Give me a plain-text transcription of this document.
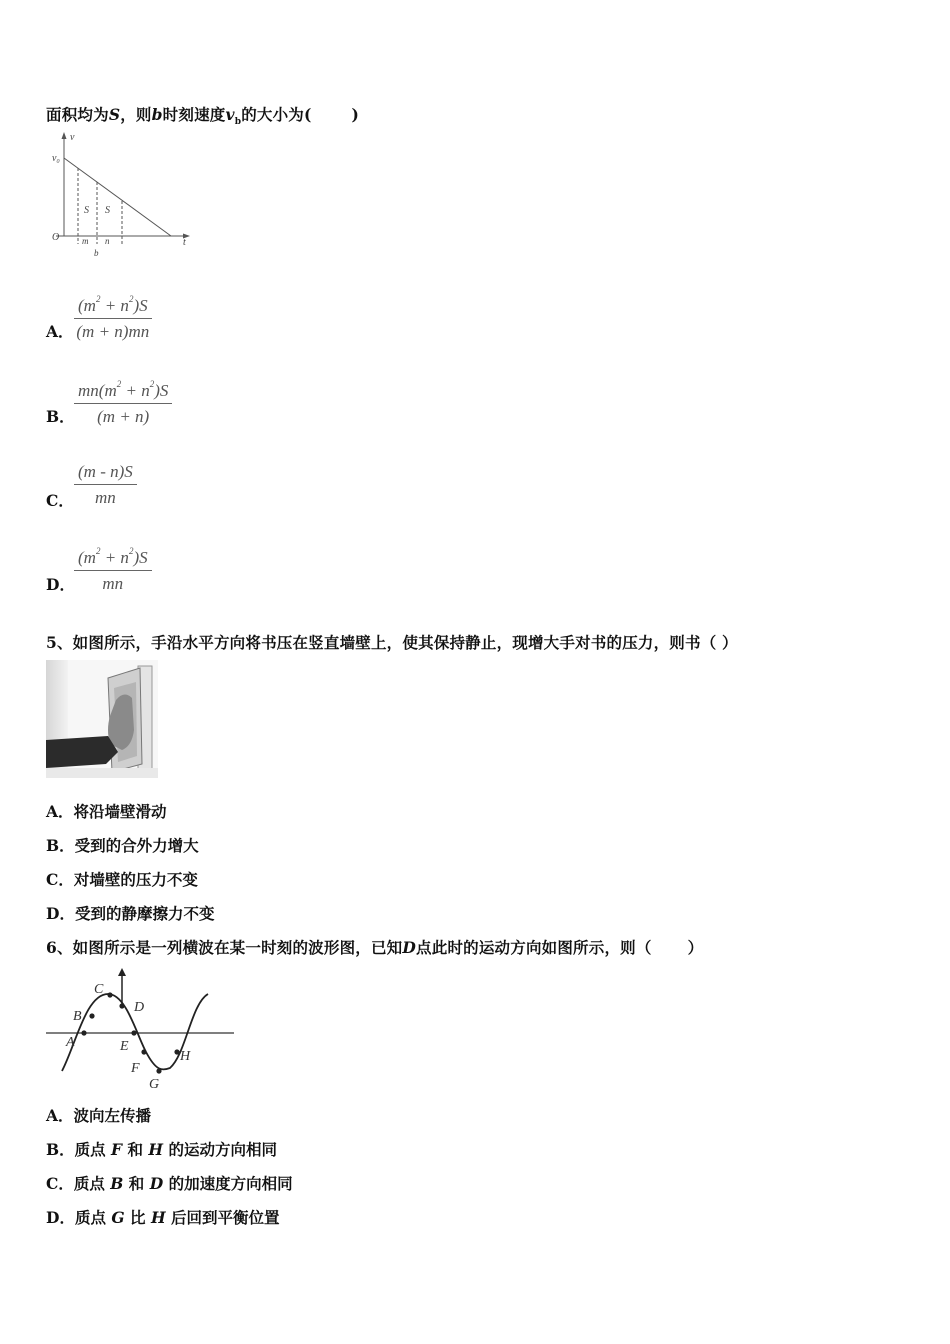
面积均为S，则b时刻速度$v_b$的大小为(	)
v
$v_0$
O	t
S S
m n
b
A． $\frac{(m^2 + n^2)S}{(m + n)mn}$
B． $\frac{mn(m^2 + n^2)S}{(m + n)}$
C． $\frac{(m - n)S}{mn}$
D． $\frac{(m^2 + n^2)S}{mn}$
5、如图所示，手沿水平方向将书压在竖直墙壁上，使其保持静止，现增大手对书的压力，则书（ ）
A．将沿墙壁滑动
B．受到的合外力增大
C．对墙壁的压力不变
D．受到的静摩擦力不变
6、如图所示是一列横波在某一时刻的波形图，已知D点此时的运动方向如图所示，则（ ）
A
B
C
D
E
F
G
H
A．波向左传播
B．质点 F 和 H 的运动方向相同
C．质点 B 和 D 的加速度方向相同
D．质点 G 比 H 后回到平衡位置
